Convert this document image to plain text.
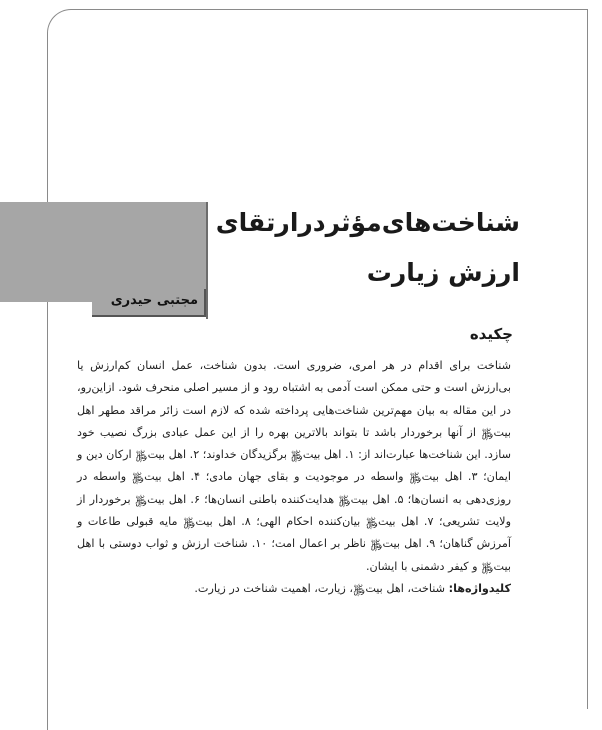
مجتبی حیدری
شناخت‌های‌مؤثر‌در‌ارتقای
ارزش زیارت
چکیده

شناخت برای اقدام در هر امری، ضروری است. بدون شناخت، عمل انسان کم‌ارزش یا بی‌ارزش است و حتی ممکن است آدمی به اشتباه رود و از مسیر اصلی منحرف شود. ازاین‌رو، در این مقاله به بیان مهم‌ترین شناخت‌هایی پرداخته شده که لازم است زائر مراقد مطهر اهل بیت﷿ از آنها برخوردار باشد تا بتواند بالاترین بهره را از این عمل عبادی بزرگ نصیب خود سازد. این شناخت‌ها عبارت‌اند از: ۱. اهل بیت﷿ برگزیدگان خداوند؛ ۲. اهل بیت﷿ ارکان دین و ایمان؛ ۳. اهل بیت﷿ واسطه در موجودیت و بقای جهان مادی؛ ۴. اهل بیت﷿ واسطه در روزی‌دهی به انسان‌ها؛ ۵. اهل بیت﷿ هدایت‌کننده باطنی انسان‌ها؛ ۶. اهل بیت﷿ برخوردار از ولایت تشریعی؛ ۷. اهل بیت﷿ بیان‌کننده احکام الهی؛ ۸. اهل بیت﷿ مایه قبولی طاعات و آمرزش گناهان؛ ۹. اهل بیت﷿ ناظر بر اعمال امت؛ ۱۰. شناخت ارزش و ثواب دوستی با اهل بیت﷿ و کیفر دشمنی با ایشان.

کلیدواژه‌ها: شناخت، اهل بیت﷿، زیارت، اهمیت شناخت در زیارت.
